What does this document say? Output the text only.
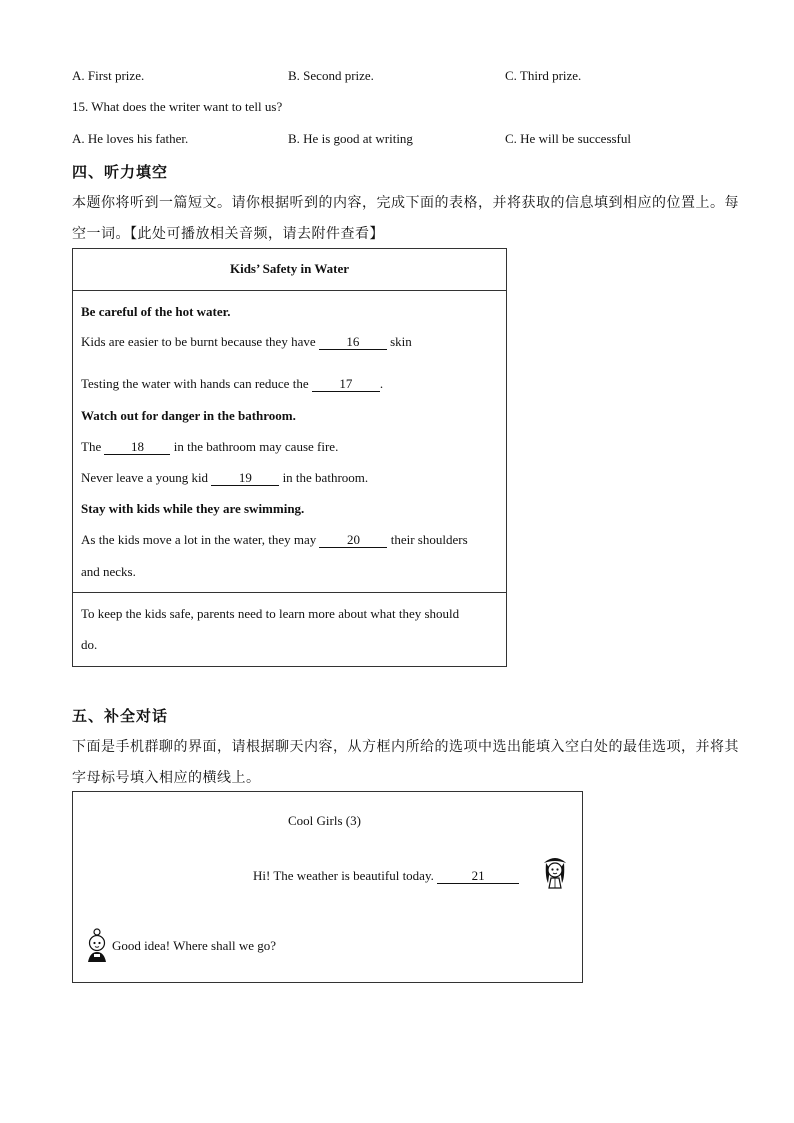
A. First prize.	B. Second prize.	C. Third prize.
15. What does the writer want to tell us?
A. He loves his father.	B. He is good at writing	C. He will be successful
四、听力填空
本题你将听到一篇短文。请你根据听到的内容，完成下面的表格，并将获取的信息填到相应的位置上。每
空一词。【此处可播放相关音频，请去附件查看】
Kids’ Safety in Water
Be careful of the hot water.
Kids are easier to be burnt because they have 16 skin
Testing the water with hands can reduce the 17 .
Watch out for danger in the bathroom.
The 18 in the bathroom may cause fire.
Never leave a young kid 19 in the bathroom.
Stay with kids while they are swimming.
As the kids move a lot in the water, they may 20 their shoulders
and necks.
To keep the kids safe, parents need to learn more about what they should
do.
五、补全对话
下面是手机群聊的界面，请根据聊天内容，从方框内所给的选项中选出能填入空白处的最佳选项，并将其
字母标号填入相应的横线上。
Cool Girls (3)
Hi! The weather is beautiful today.	21
Good idea! Where shall we go?
